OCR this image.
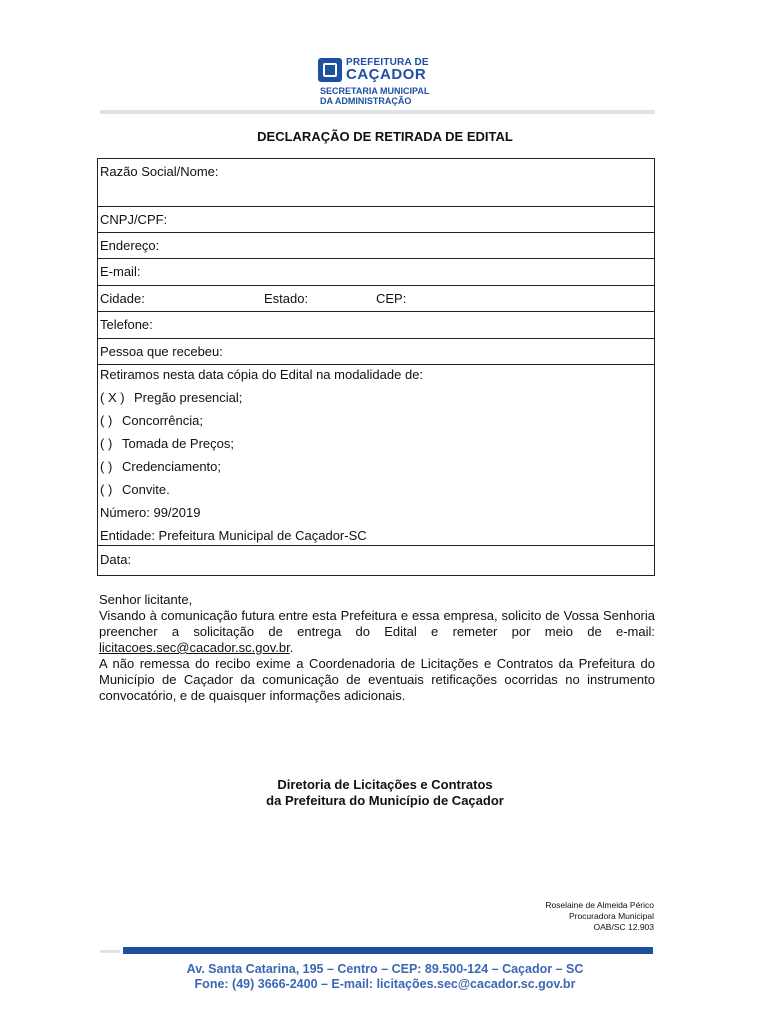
PREFEITURA DE
CAÇADOR
SECRETARIA MUNICIPAL
DA ADMINISTRAÇÃO
DECLARAÇÃO DE RETIRADA DE EDITAL
Razão Social/Nome:
CNPJ/CPF:
Endereço:
E-mail:
Cidade:	Estado:	CEP:
Telefone:
Pessoa que recebeu:
Retiramos nesta data cópia do Edital na modalidade de:
( X ) Pregão presencial;
( ) Concorrência;
( ) Tomada de Preços;
( ) Credenciamento;
( ) Convite.
Número: 99/2019
Entidade: Prefeitura Municipal de Caçador-SC
Data:

Senhor licitante,

Visando à comunicação futura entre esta Prefeitura e essa empresa, solicito de Vossa Senhoria preencher a solicitação de entrega do Edital e remeter por meio de e-mail: licitacoes.sec@cacador.sc.gov.br.

A não remessa do recibo exime a Coordenadoria de Licitações e Contratos da Prefeitura do Município de Caçador da comunicação de eventuais retificações ocorridas no instrumento convocatório, e de quaisquer informações adicionais.

Diretoria de Licitações e Contratos
da Prefeitura do Município de Caçador
Roselaine de Almeida Périco
Procuradora Municipal
OAB/SC 12.903
Av. Santa Catarina, 195 – Centro – CEP: 89.500-124 – Caçador – SC
Fone: (49) 3666-2400 – E-mail: licitações.sec@cacador.sc.gov.br
